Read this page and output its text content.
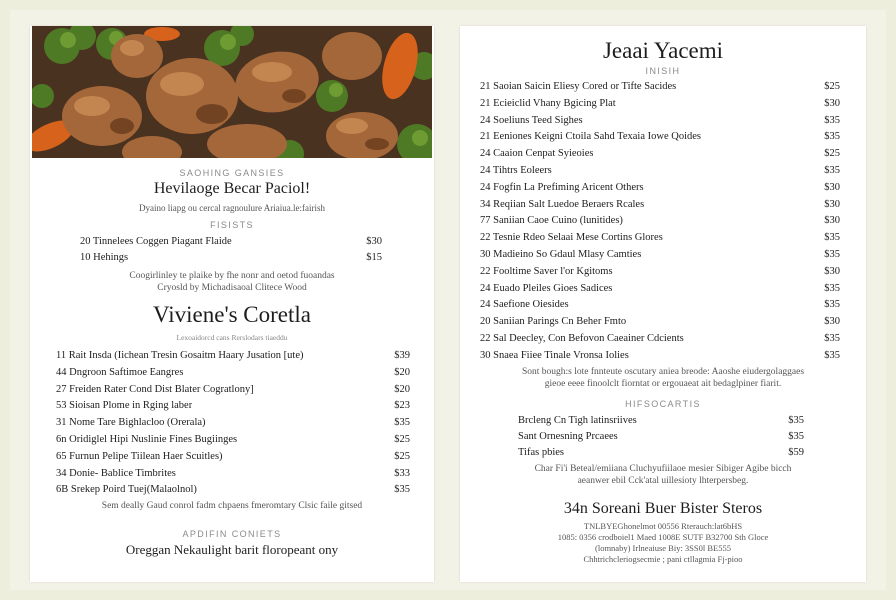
SAOHING GANSIES
Hevilaoge Becar Paciol!
Dyaino liapg ou cercal ragnoulure Ariaiua.le:fairish
FISISTS
20 Tinnelees Coggen Piagant Flaide	$30
10 Hehings	$15
Coogirlinley te plaike by fhe nonr and oetod fuoandas
Cryosld by Michadisaoal Clitece Wood
Viviene's Coretla
Lexoaidorcd cans Rerslodars tiaeddu
11 Rait Insda (Iichean Tresin Gosaitm Haary Jusation [ute)	$39
44 Dngroon Saftimoe Eangres	$20
27 Freiden Rater Cond Dist Blater Cogratlony]	$20
53 Sioisan Plome in Rging laber	$23
31 Nome Tare Bighlacloo (Orerala)	$35
6n Oridiglel Hipi Nuslinie Fines Bugiinges	$25
65 Furnun Pelipe Tiilean Haer Scuitles)	$25
34 Donie- Bablice Timbrites	$33
6B Srekep Poird Tuej(Malaolnol)	$35
Sem deally Gaud conrol fadm chpaens fmeromtary Clsic faile gitsed
APDIFIN CONIETS
Oreggan Nekaulight barit floropeant ony
Jeaai Yacemi
INISIH
21 Saoian Saicin Eliesy Cored or Tifte Sacides	$25
21 Ecieiclid Vhany Bgicing Plat	$30
24 Soeliuns Teed Sighes	$35
21 Eeniones Keigni Ctoila Sahd Texaia Iowe Qoides	$35
24 Caaion Cenpat Syieoies	$25
24 Tihtrs Eoleers	$35
24 Fogfin La Prefiming Aricent Others	$30
34 Reqiian Salt Luedoe Beraers Rcales	$30
77 Saniian Caoe Cuino (lunitides)	$30
22 Tesnie Rdeo Selaai Mese Cortins Glores	$35
30 Madieino So Gdaul Mlasy Camties	$35
22 Fooltime Saver l'or Kgitoms	$30
24 Euado Pleiles Gioes Sadices	$35
24 Saefione Oiesides	$35
20 Saniian Parings Cn Beher Fmto	$30
22 Sal Deecley, Con Befovon Caeainer Cdcients	$35
30 Snaea Fiiee Tinale Vronsa Iolies	$35
Sont bough:s lote fnnteute oscutary aniea breode: Aaoshe eiudergolaggaes
gieoe eeee finoolclt fiorntat or ergouaeat ait bedaglpiner fiarit.
HIFSOCARTIS
Brcleng Cn Tigh latinsriives	$35
Sant Ornesning Prcaees	$35
Tifas pbies	$59
Char Fi'i Beteal/emiiana Cluchyufiilaoe mesier Sibiger Agibe bicch
aeanwer ebil Cck'atal uillesioty lhterpersbeg.
34n Soreani Buer Bister Steros
TNLBYEGhonelmot 00556 Rterauch:lat6bHS
1085: 0356 crodboiel1 Maed 1008E SUTF B32700 Sth Gloce
(lomnaby) Irlneaiuse Biy: 3SS0l BE555
Chhtrichcleriogsecmie ; pani ctllagmia Fj-pioo
